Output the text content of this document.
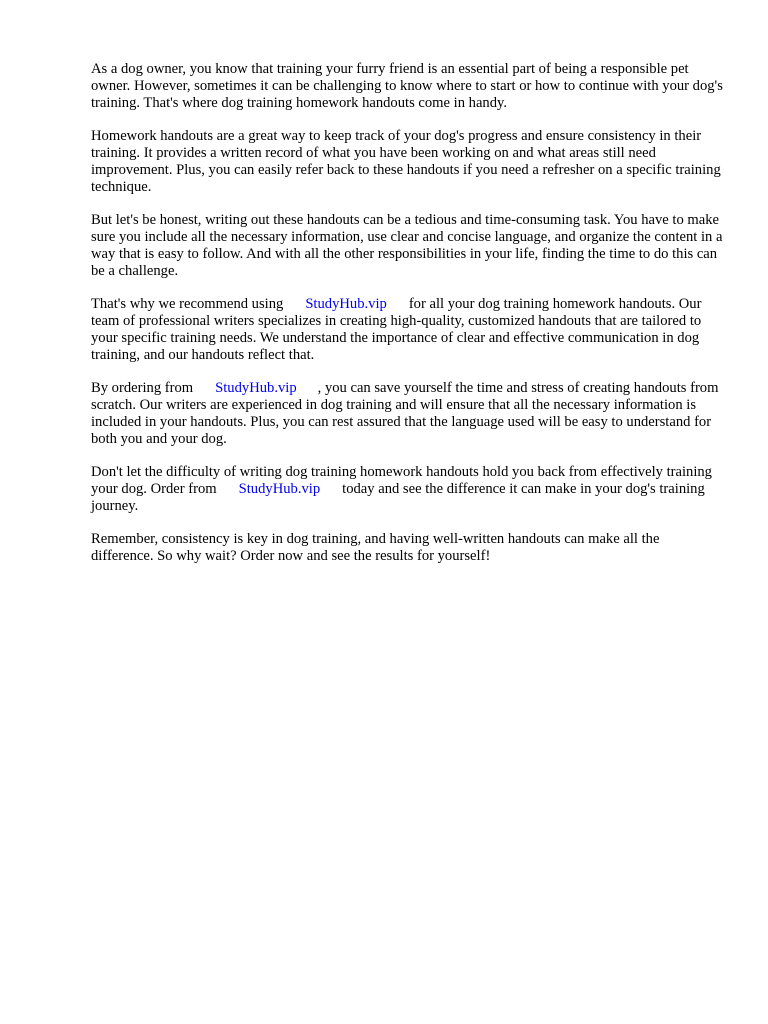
As a dog owner, you know that training your furry friend is an essential part of being a responsible pet owner. However, sometimes it can be challenging to know where to start or how to continue with your dog's training. That's where dog training homework handouts come in handy.

Homework handouts are a great way to keep track of your dog's progress and ensure consistency in their training. It provides a written record of what you have been working on and what areas still need improvement. Plus, you can easily refer back to these handouts if you need a refresher on a specific training technique.

But let's be honest, writing out these handouts can be a tedious and time-consuming task. You have to make sure you include all the necessary information, use clear and concise language, and organize the content in a way that is easy to follow. And with all the other responsibilities in your life, finding the time to do this can be a challenge.

That's why we recommend using StudyHub.vip for all your dog training homework handouts. Our team of professional writers specializes in creating high-quality, customized handouts that are tailored to your specific training needs. We understand the importance of clear and effective communication in dog training, and our handouts reflect that.

By ordering from StudyHub.vip , you can save yourself the time and stress of creating handouts from scratch. Our writers are experienced in dog training and will ensure that all the necessary information is included in your handouts. Plus, you can rest assured that the language used will be easy to understand for both you and your dog.

Don't let the difficulty of writing dog training homework handouts hold you back from effectively training your dog. Order from StudyHub.vip today and see the difference it can make in your dog's training journey.

Remember, consistency is key in dog training, and having well-written handouts can make all the difference. So why wait? Order now and see the results for yourself!
